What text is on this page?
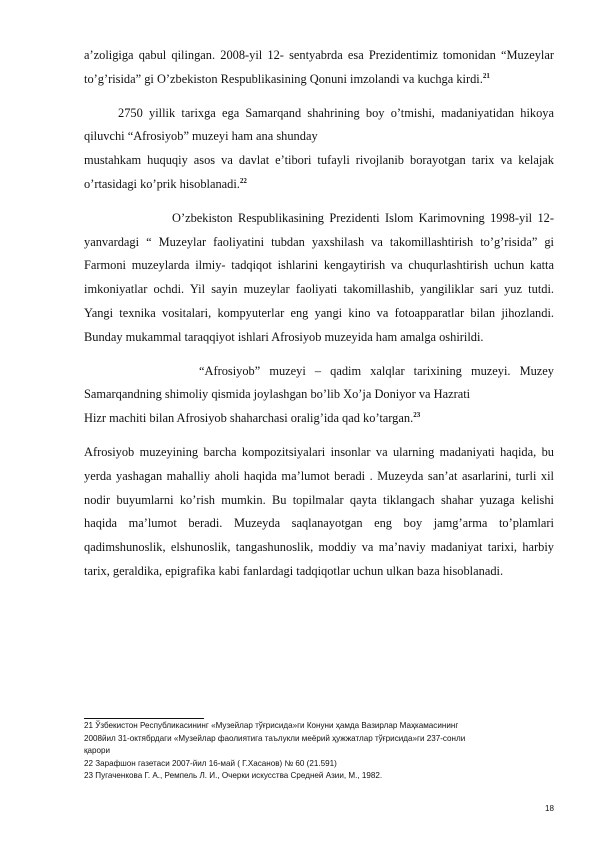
a’zoligiga qabul qilingan. 2008-yil 12- sentyabrda esa Prezidentimiz tomonidan “Muzeylar to’g’risida” gi O’zbekiston Respublikasining Qonuni imzolandi va kuchga kirdi.$^{21}$

2750 yillik tarixga ega Samarqand shahrining boy o’tmishi, madaniyatidan hikoya qiluvchi “Afrosiyob” muzeyi ham ana shunday

mustahkam huquqiy asos va davlat e’tibori tufayli rivojlanib borayotgan tarix va kelajak o’rtasidagi ko’prik hisoblanadi.$^{22}$

O’zbekiston Respublikasining Prezidenti Islom Karimovning 1998-yil 12- yanvardagi “ Muzeylar faoliyatini tubdan yaxshilash va takomillashtirish to’g’risida” gi Farmoni muzeylarda ilmiy- tadqiqot ishlarini kengaytirish va chuqurlashtirish uchun katta imkoniyatlar ochdi. Yil sayin muzeylar faoliyati takomillashib, yangiliklar sari yuz tutdi. Yangi texnika vositalari, kompyuterlar eng yangi kino va fotoapparatlar bilan jihozlandi. Bunday mukammal taraqqiyot ishlari Afrosiyob muzeyida ham amalga oshirildi.

“Afrosiyob” muzeyi – qadim xalqlar tarixining muzeyi. Muzey Samarqandning shimoliy qismida joylashgan bo’lib Xo’ja Doniyor va Hazrati

Hizr machiti bilan Afrosiyob shaharchasi oralig’ida qad ko’targan.$^{23}$

Afrosiyob muzeyining barcha kompozitsiyalari insonlar va ularning madaniyati haqida, bu yerda yashagan mahalliy aholi haqida ma’lumot beradi . Muzeyda san’at asarlarini, turli xil nodir buyumlarni ko’rish mumkin. Bu topilmalar qayta tiklangach shahar yuzaga kelishi haqida ma’lumot beradi. Muzeyda saqlanayotgan eng boy jamg’arma to’plamlari qadimshunoslik, elshunoslik, tangashunoslik, moddiy va ma’naviy madaniyat tarixi, harbiy tarix, geraldika, epigrafika kabi fanlardagi tadqiqotlar uchun ulkan baza hisoblanadi.

21 Ўзбекистон Республикасининг «Музейлар тўғрисида»ги Конуни ҳамда Вазирлар Маҳкамасининг

2008йил 31-октябрдаги «Музейлар фаолиятига таълукли меёрий ҳужжатлар тўғрисида»ги 237-сонли

қарори

22 Зарафшон газетаси 2007-йил 16-май ( Г.Хасанов) № 60 (21.591)

23 Пугаченкова Г. А., Ремпель Л. И., Очерки искусства Средней Азии, М., 1982.

18
